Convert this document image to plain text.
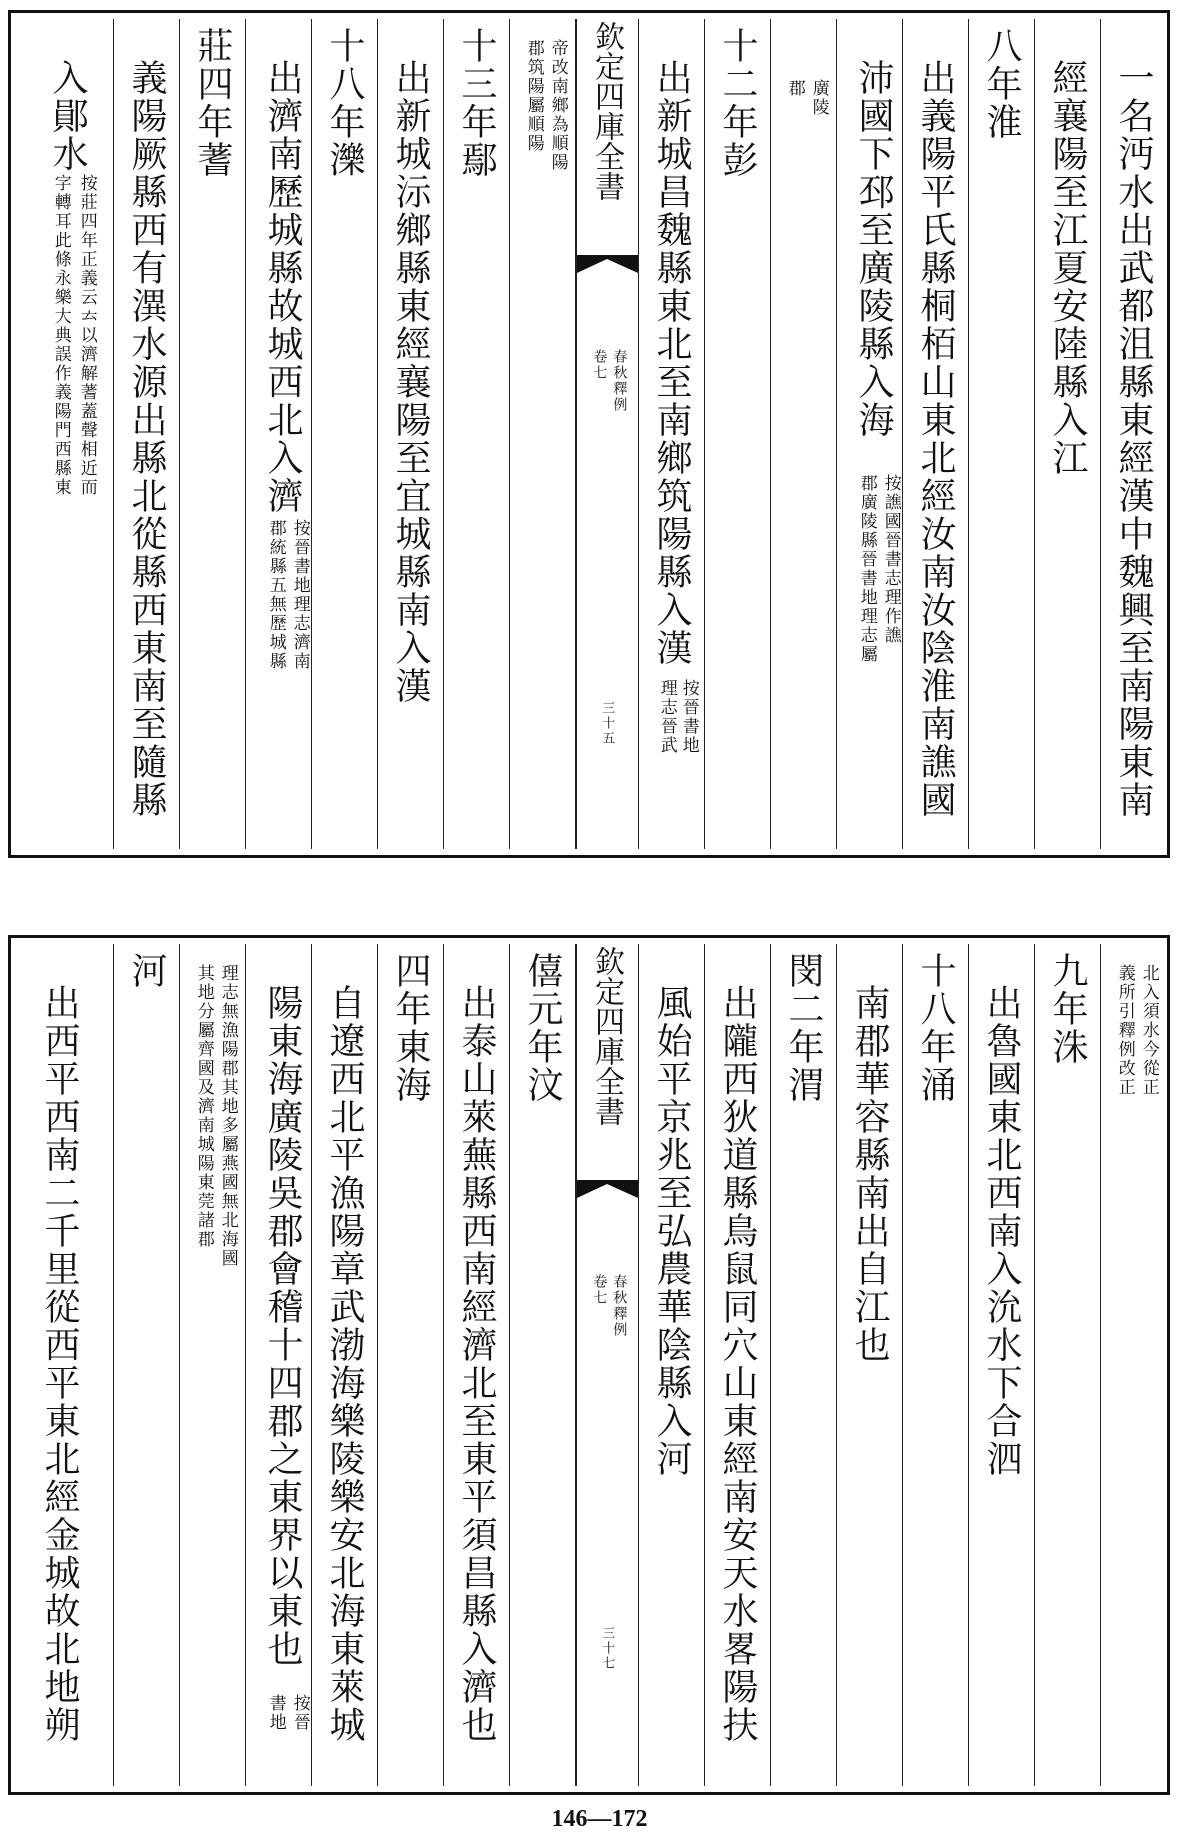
一名沔水出武都沮縣東經漢中魏興至南陽東南
經襄陽至江夏安陸縣入江
八年淮
出義陽平氏縣桐栢山東北經汝南汝陰淮南譙國
沛國下邳至廣陵縣入海
按譙國晉書志理作譙
郡廣陵縣晉書地理志屬
廣陵
郡
十二年彭
出新城昌魏縣東北至南鄉筑陽縣入漢
按晉書地
理志晉武
欽定四庫全書
春秋釋例
卷七
三十五
帝改南鄉為順陽
郡筑陽屬順陽
十三年鄢
出新城沶鄉縣東經襄陽至宜城縣南入漢
十八年濼
出濟南歷城縣故城西北入濟
按晉書地理志濟南
郡統縣五無歷城縣
莊四年蓍
義陽厥縣西有潩水源出縣北從縣西東南至隨縣
入鄖水
按莊四年正義云𠫓以濟解蓍蓋聲相近而
字轉耳此條永樂大典誤作義陽門西縣東
北入須水今從正
義所引釋例改正
九年洙
出魯國東北西南入沇水下合泗
十八年涌
南郡華容縣南出自江也
閔二年渭
出隴西狄道縣鳥鼠同穴山東經南安天水畧陽扶
風始平京兆至弘農華陰縣入河
欽定四庫全書
春秋釋例
卷七
三十七
僖元年汶
出泰山萊蕪縣西南經濟北至東平須昌縣入濟也
四年東海
自遼西北平漁陽章武渤海樂陵樂安北海東萊城
陽東海廣陵吳郡會稽十四郡之東界以東也
按晉
書地
理志無漁陽郡其地多屬燕國無北海國
其地分屬齊國及濟南城陽東莞諸郡
河
出西平西南二千里從西平東北經金城故北地朔
146—172
